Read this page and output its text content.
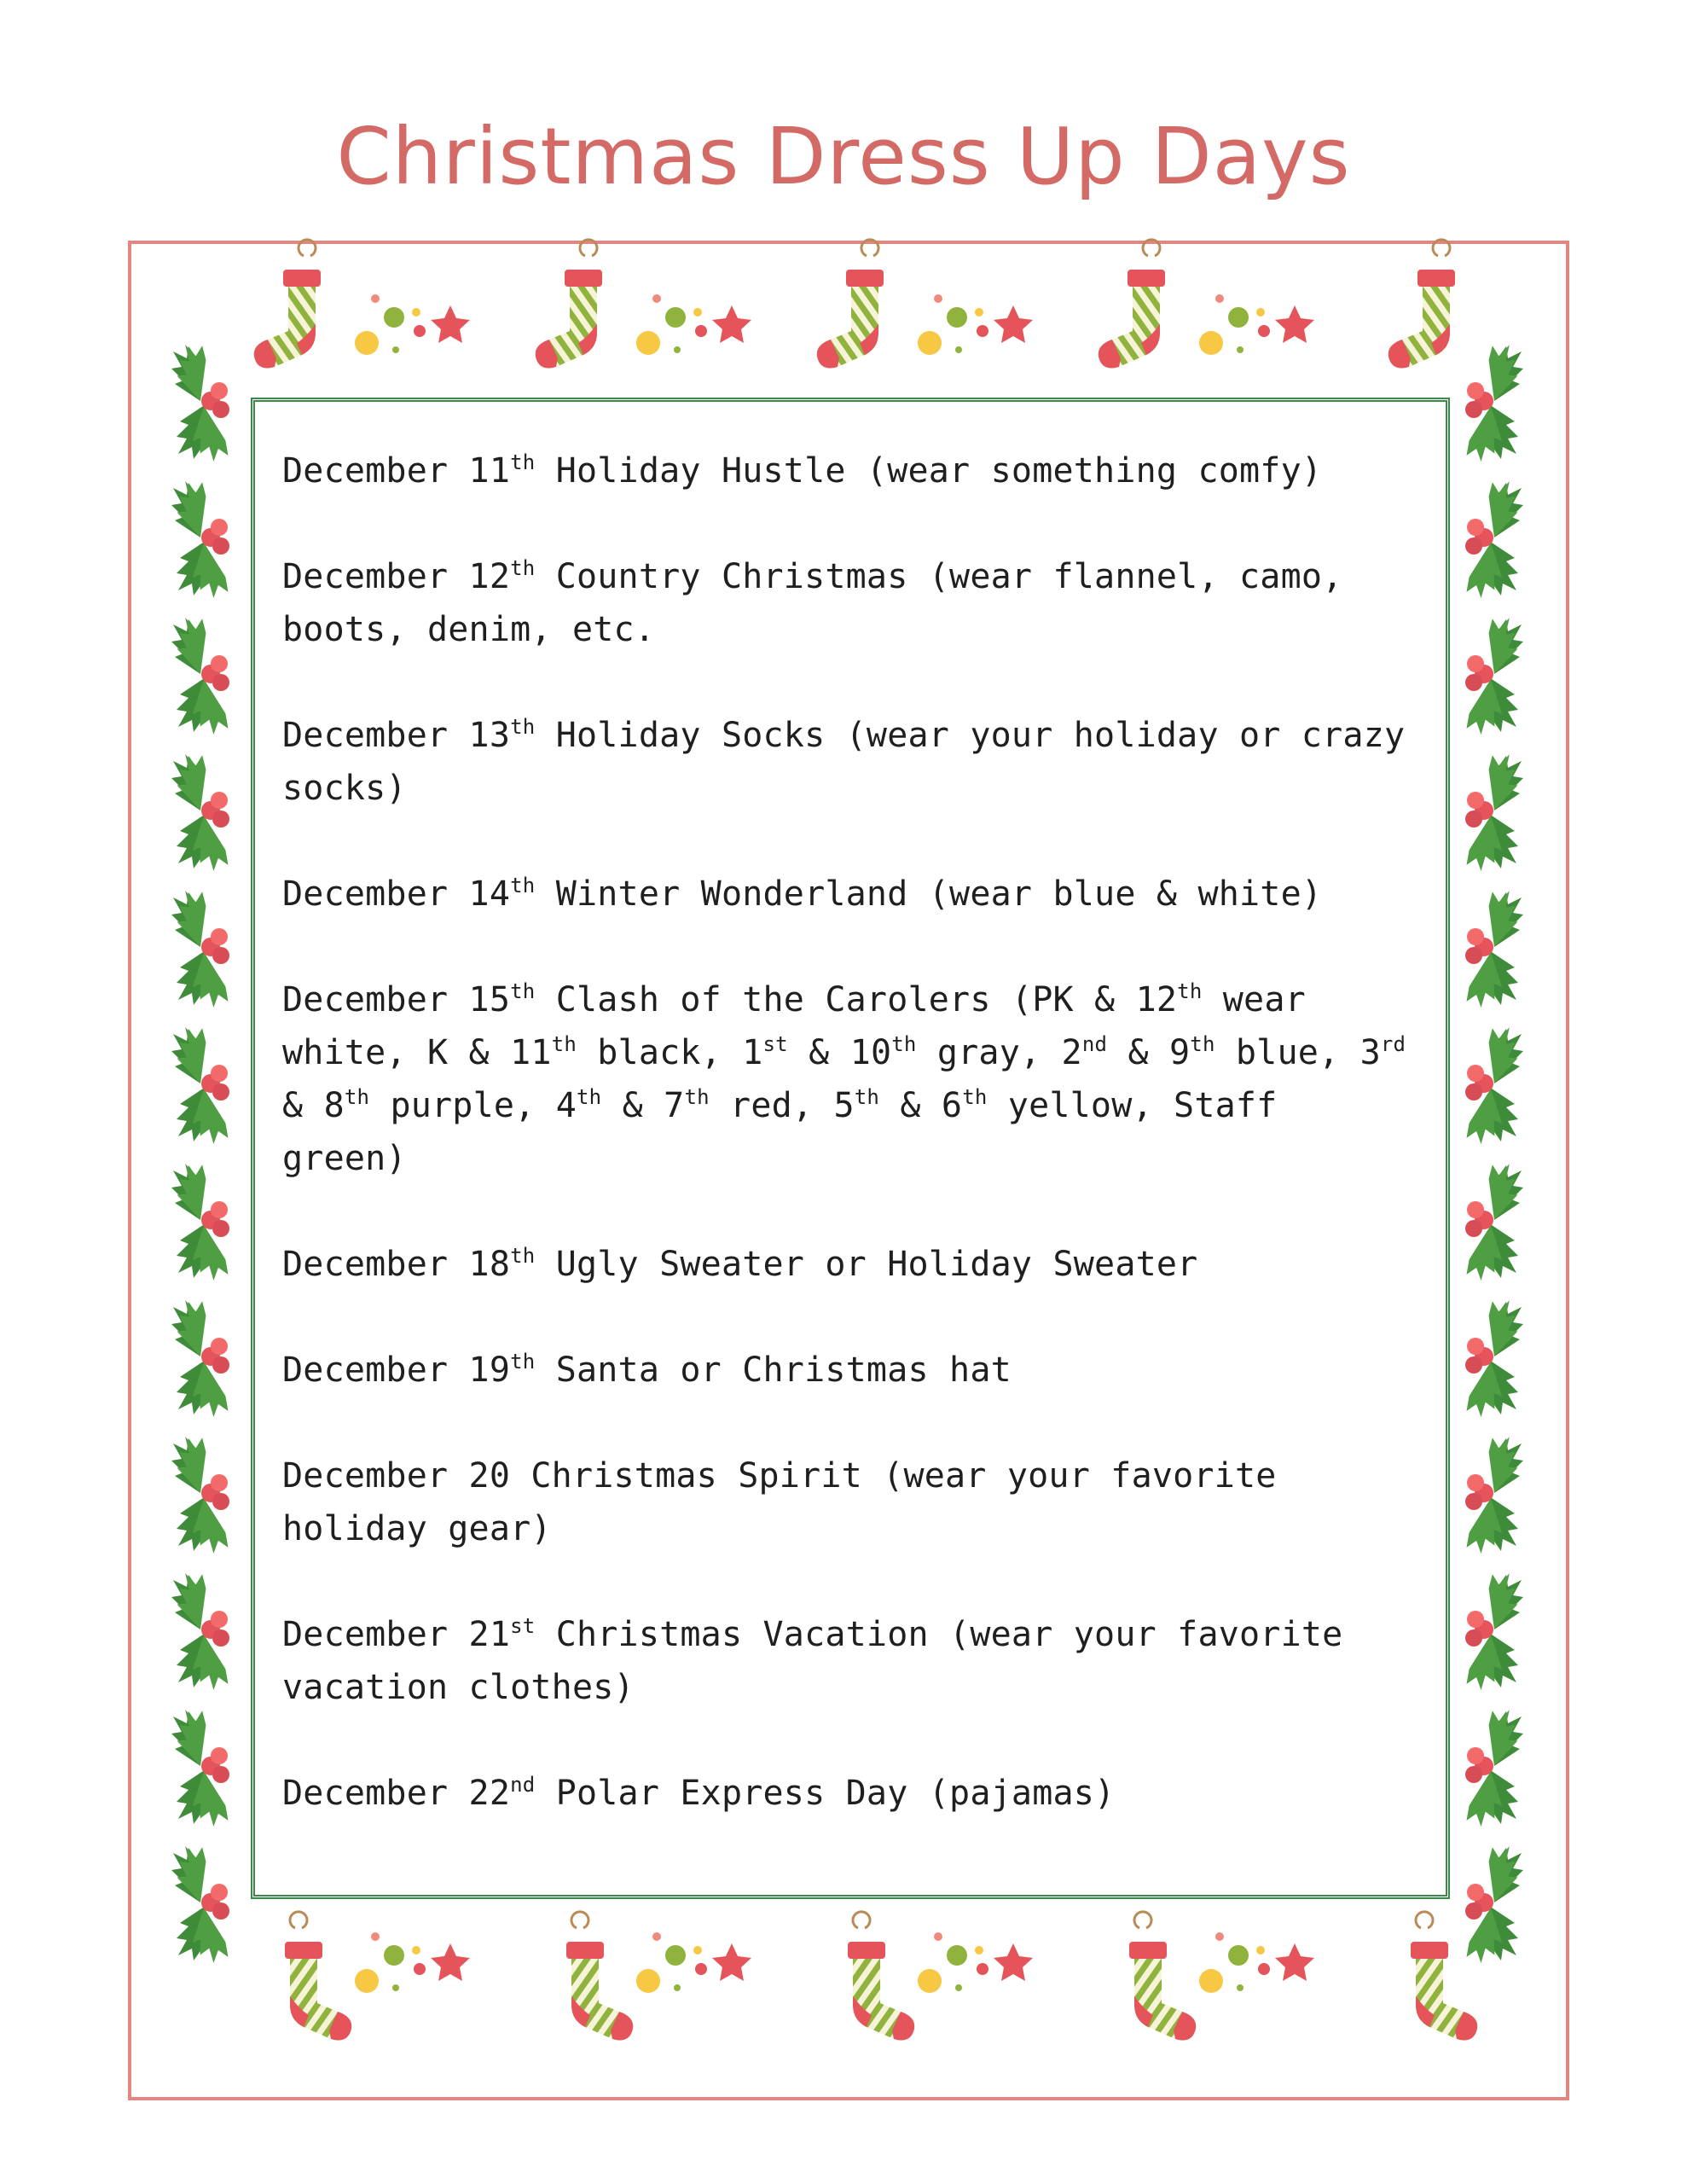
Christmas Dress Up Days

December 11th Holiday Hustle (wear something comfy)

December 12th Country Christmas (wear flannel, camo, boots, denim, etc.

December 13th Holiday Socks (wear your holiday or crazy socks)

December 14th Winter Wonderland (wear blue & white)

December 15th Clash of the Carolers (PK & 12th wear white, K & 11th black, 1st & 10th gray, 2nd & 9th blue, 3rd & 8th purple, 4th & 7th red, 5th & 6th yellow, Staff green)

December 18th Ugly Sweater or Holiday Sweater

December 19th Santa or Christmas hat

December 20 Christmas Spirit (wear your favorite holiday gear)

December 21st Christmas Vacation (wear your favorite vacation clothes)

December 22nd Polar Express Day (pajamas)
